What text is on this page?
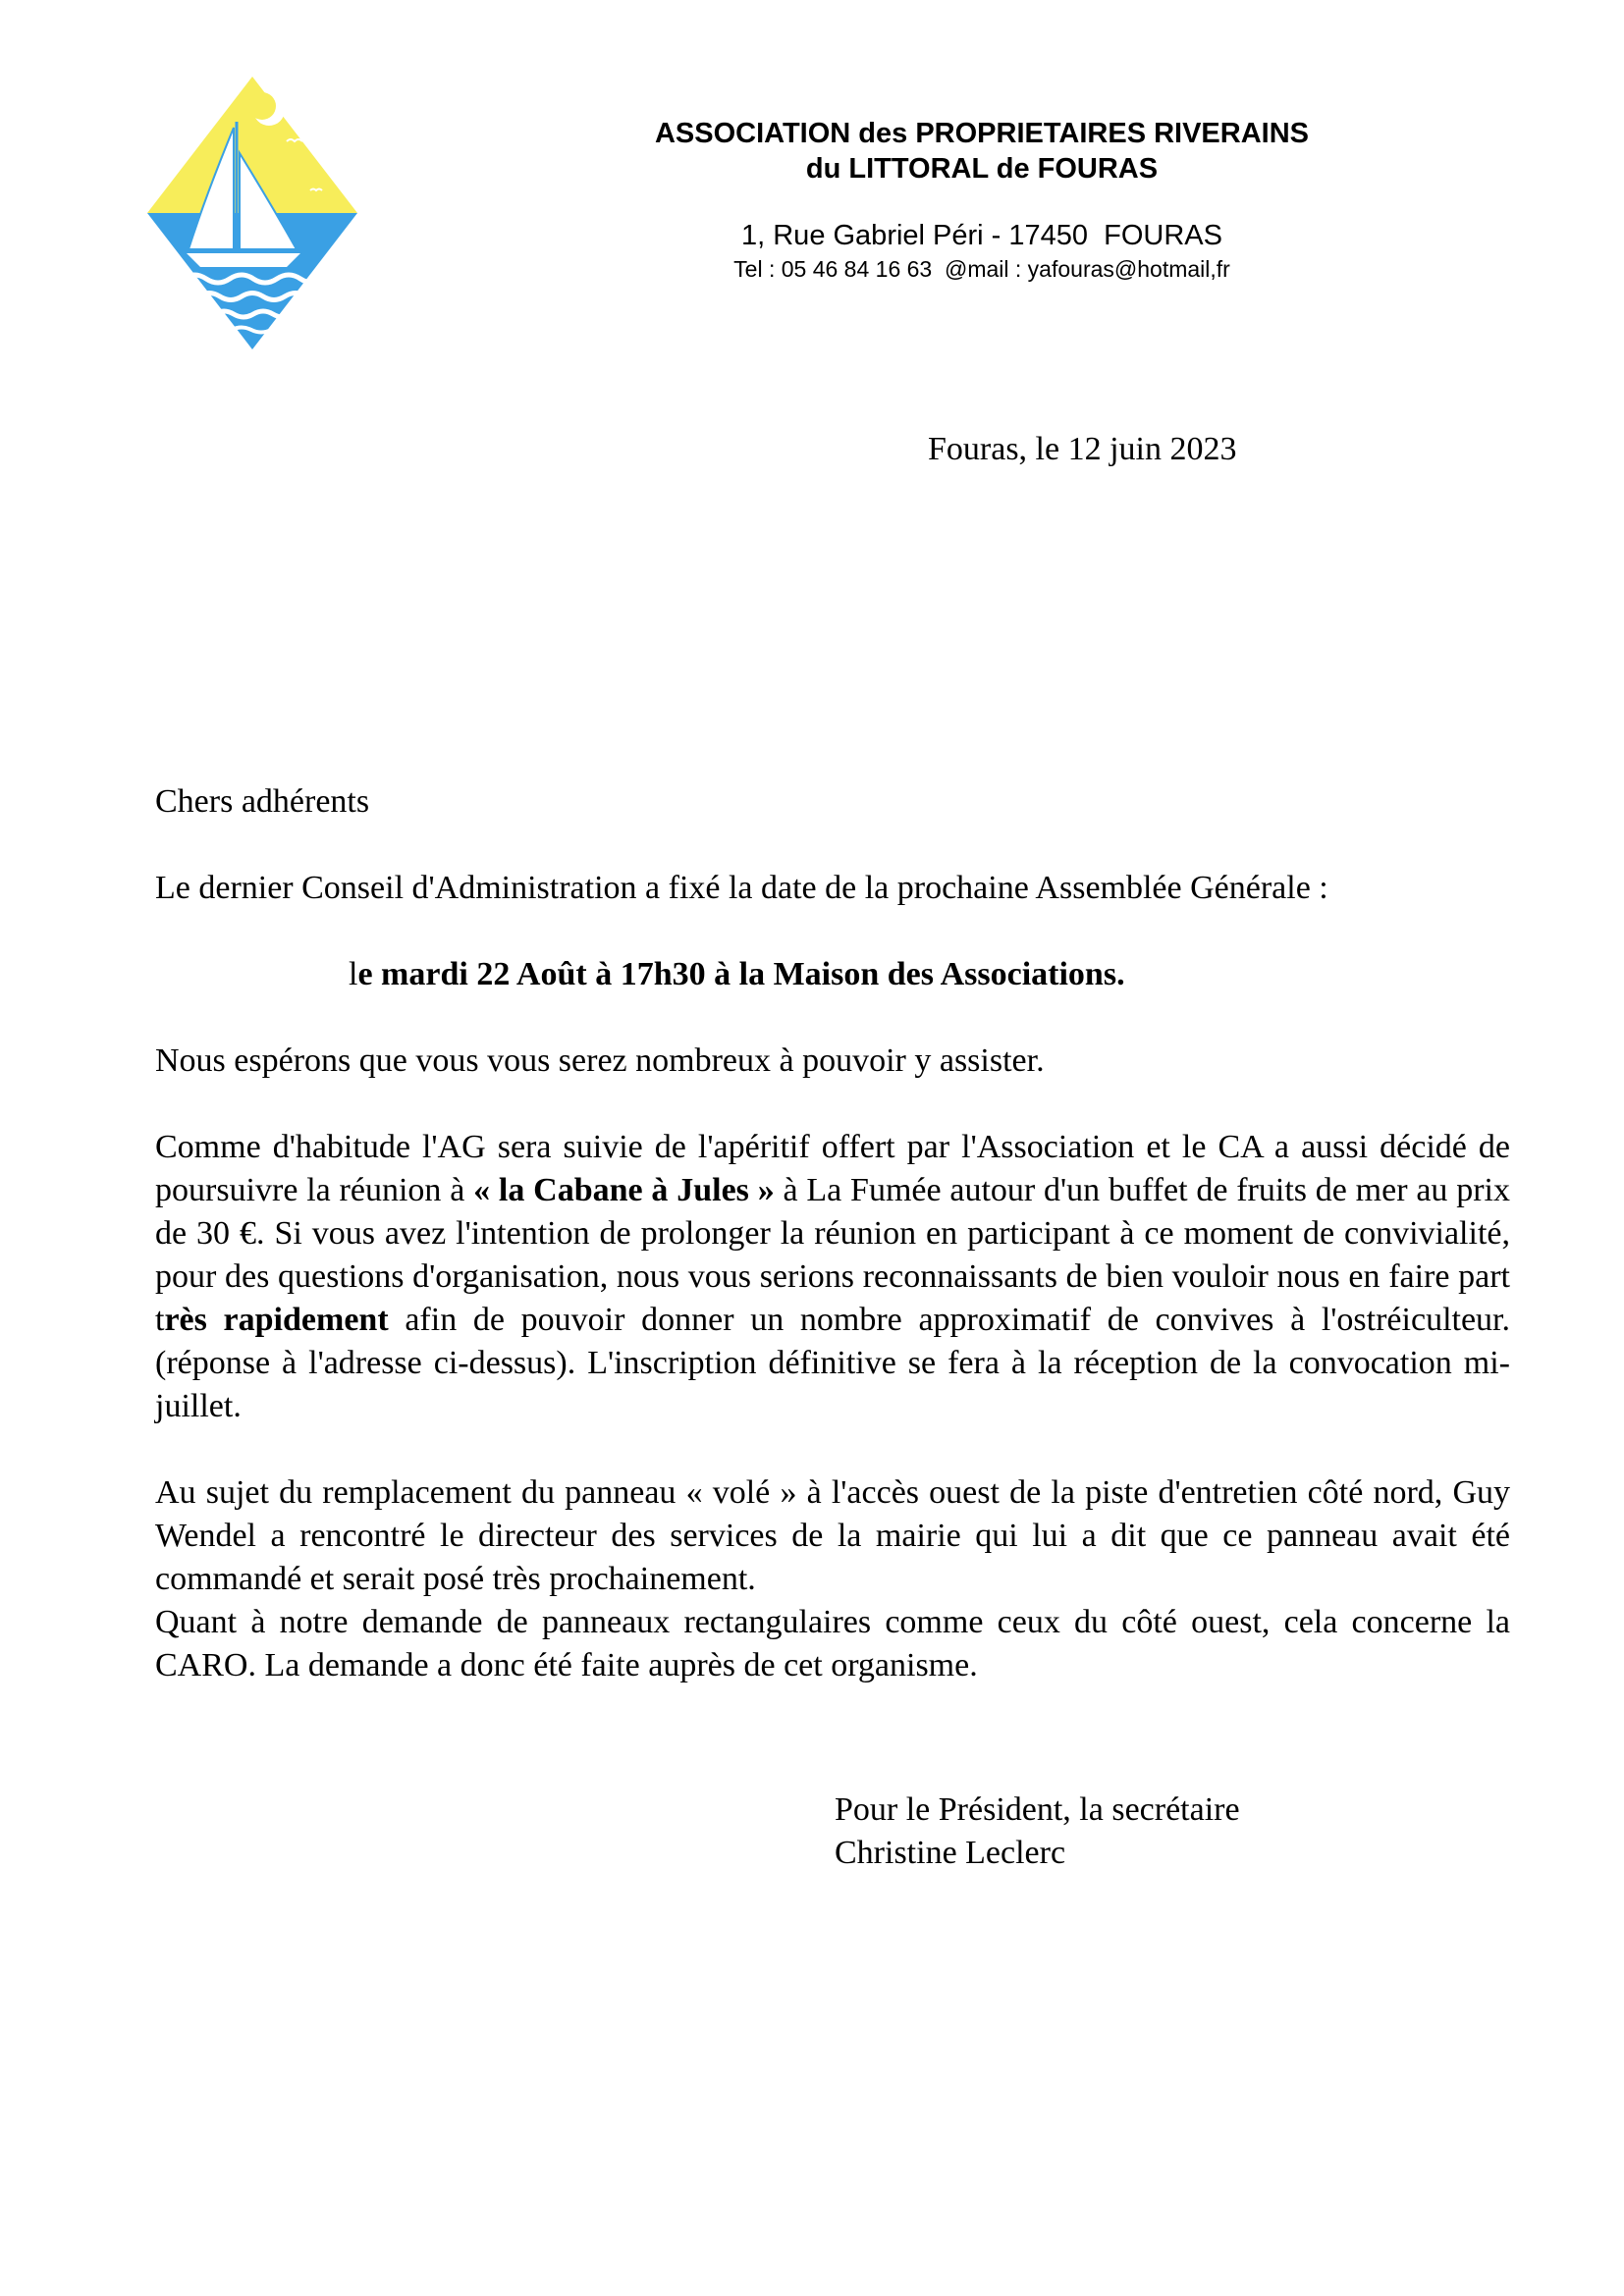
ASSOCIATION des PROPRIETAIRES RIVERAINS
du LITTORAL de FOURAS
1, Rue Gabriel Péri - 17450  FOURAS
Tel : 05 46 84 16 63  @mail : yafouras@hotmail,fr
Fouras, le 12 juin 2023

Chers adhérents

Le dernier Conseil d'Administration a fixé la date de la prochaine Assemblée Générale :

le mardi 22 Août à 17h30 à la Maison des Associations.

Nous espérons que vous vous serez nombreux à pouvoir y assister.

Comme d'habitude l'AG sera suivie de l'apéritif offert par l'Association et le CA a aussi décidé de poursuivre la réunion à « la Cabane à Jules » à La Fumée autour d'un buffet de fruits de mer au prix de 30 €. Si vous avez l'intention de prolonger la réunion en participant à ce moment de convivialité, pour des questions d'organisation, nous vous serions reconnaissants de bien vouloir nous en faire part très rapidement afin de pouvoir donner un nombre approximatif de convives à l'ostréiculteur. (réponse à l'adresse ci-dessus). L'inscription définitive se fera à la réception de la convocation mi-juillet.

Au sujet du remplacement du panneau « volé » à l'accès ouest de la piste d'entretien côté nord, Guy Wendel a rencontré le directeur des services de la mairie qui lui a dit que ce panneau avait été commandé et serait posé très prochainement.

Quant à notre demande de panneaux rectangulaires comme ceux du côté ouest, cela concerne la CARO. La demande a donc été faite auprès de cet organisme.

Pour le Président, la secrétaire
Christine Leclerc
